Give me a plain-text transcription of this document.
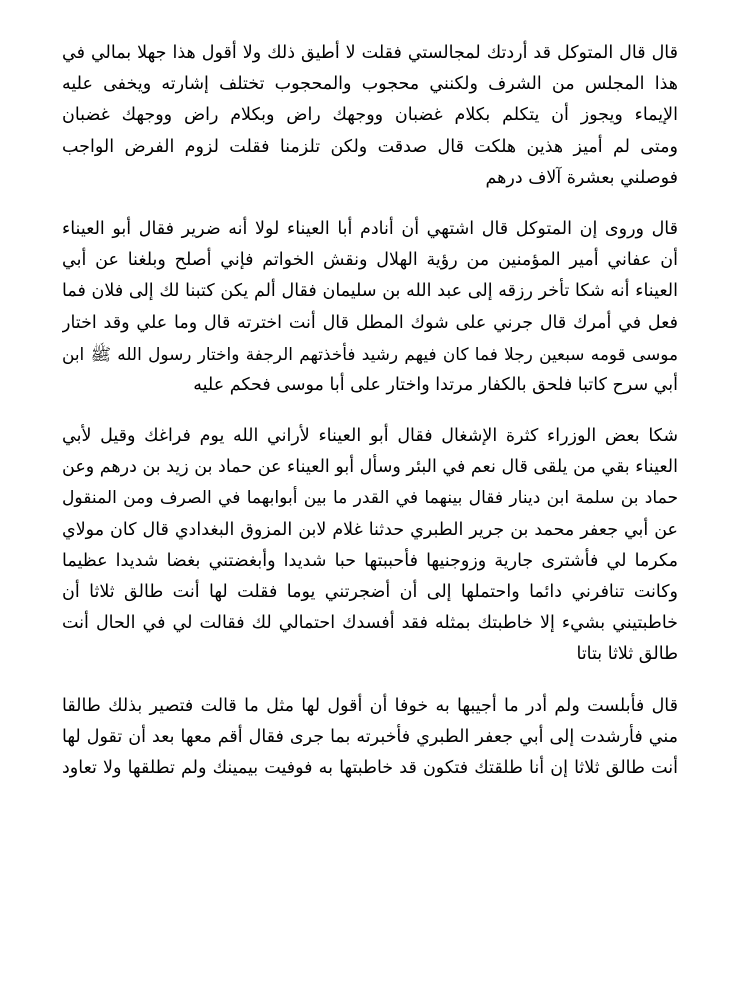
قال قال المتوكل قد أردتك لمجالستي فقلت لا أطيق ذلك ولا أقول هذا جهلا بمالي في
هذا المجلس من الشرف ولكنني محجوب والمحجوب تختلف إشارته ويخفى عليه
الإيماء ويجوز أن يتكلم بكلام غضبان ووجهك راض وبكلام راض ووجهك غضبان
ومتى لم أميز هذين هلكت قال صدقت ولكن تلزمنا فقلت لزوم الفرض الواجب
فوصلني بعشرة آلاف درهم
قال وروى إن المتوكل قال اشتهي أن أنادم أبا العيناء لولا أنه ضرير فقال أبو العيناء
أن عفاني أمير المؤمنين من رؤية الهلال ونقش الخواتم فإني أصلح وبلغنا عن أبي
العيناء أنه شكا تأخر رزقه إلى عبد الله بن سليمان فقال ألم يكن كتبنا لك إلى فلان فما
فعل في أمرك قال جرني على شوك المطل قال أنت اخترته قال وما علي وقد اختار
موسى قومه سبعين رجلا فما كان فيهم رشيد فأخذتهم الرجفة واختار رسول الله ﷺ ابن
أبي سرح كاتبا فلحق بالكفار مرتدا واختار على أبا موسى فحكم عليه
شكا بعض الوزراء كثرة الإشغال فقال أبو العيناء لأراني الله يوم فراغك وقيل لأبي
العيناء بقي من يلقى قال نعم في البئر وسأل أبو العيناء عن حماد بن زيد بن درهم وعن
حماد بن سلمة ابن دينار فقال بينهما في القدر ما بين أبوابهما في الصرف ومن المنقول
عن أبي جعفر محمد بن جرير الطبري حدثنا غلام لابن المزوق البغدادي قال كان مولاي
مكرما لي فأشترى جارية وزوجنيها فأحببتها حبا شديدا وأبغضتني بغضا شديدا عظيما
وكانت تنافرني دائما واحتملها إلى أن أضجرتني يوما فقلت لها أنت طالق ثلاثا أن
خاطبتيني بشيء إلا خاطبتك بمثله فقد أفسدك احتمالي لك فقالت لي في الحال أنت
طالق ثلاثا بتاتا
قال فأبلست ولم أدر ما أجيبها به خوفا أن أقول لها مثل ما قالت فتصير بذلك طالقا
مني فأرشدت إلى أبي جعفر الطبري فأخبرته بما جرى فقال أقم معها بعد أن تقول لها
أنت طالق ثلاثا إن أنا طلقتك فتكون قد خاطبتها به فوفيت بيمينك ولم تطلقها ولا تعاود
